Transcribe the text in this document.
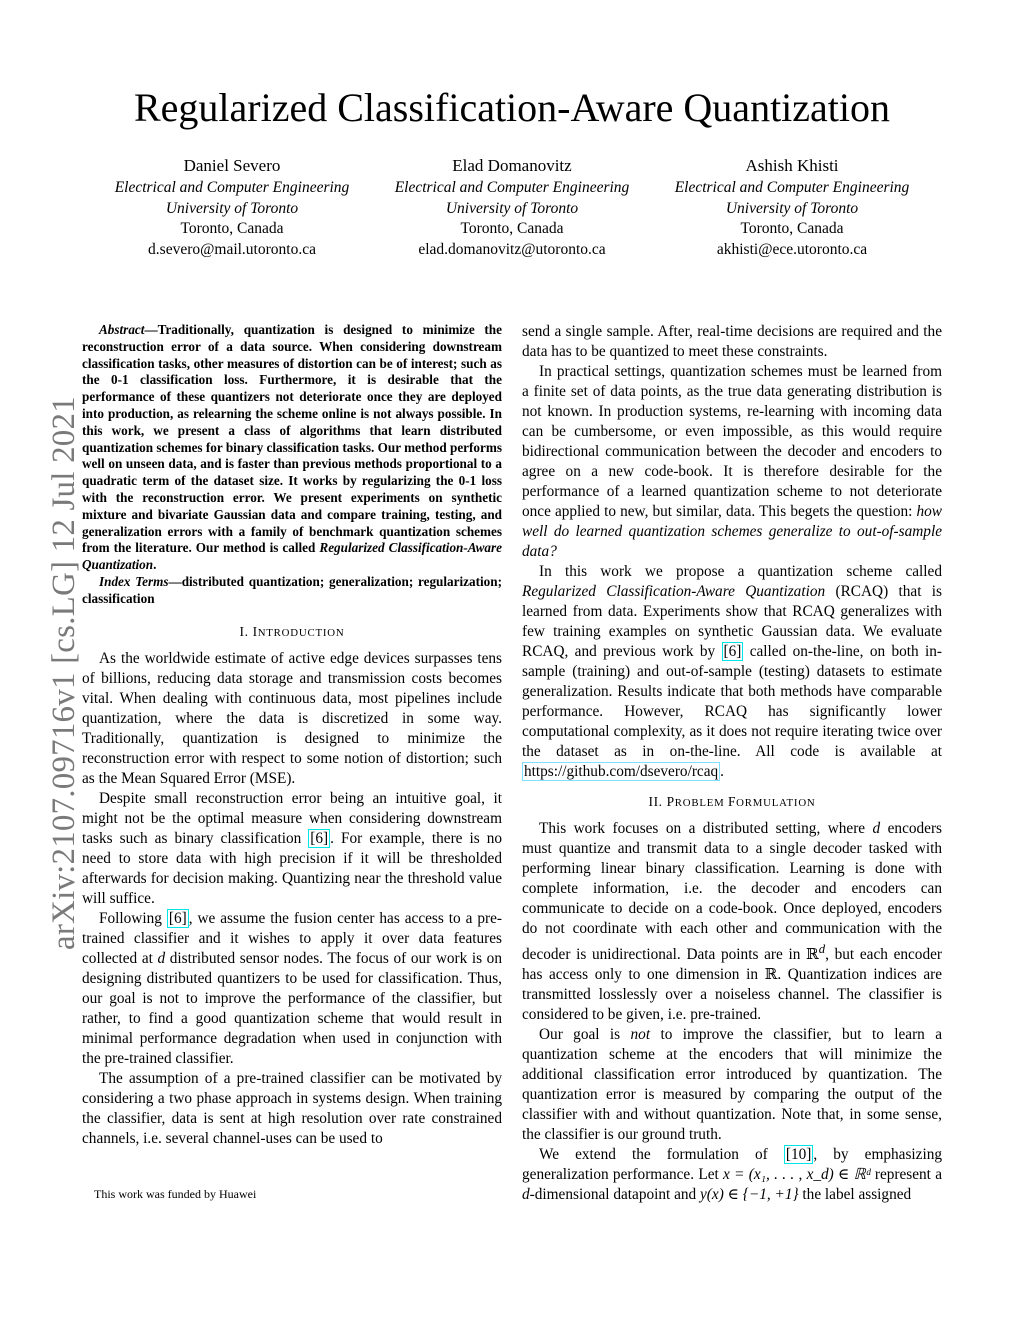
arXiv:2107.09716v1 [cs.LG] 12 Jul 2021
Regularized Classification-Aware Quantization
Daniel Severo
Electrical and Computer Engineering
University of Toronto
Toronto, Canada
d.severo@mail.utoronto.ca
Elad Domanovitz
Electrical and Computer Engineering
University of Toronto
Toronto, Canada
elad.domanovitz@utoronto.ca
Ashish Khisti
Electrical and Computer Engineering
University of Toronto
Toronto, Canada
akhisti@ece.utoronto.ca

Abstract—Traditionally, quantization is designed to minimize the reconstruction error of a data source. When considering downstream classification tasks, other measures of distortion can be of interest; such as the 0-1 classification loss. Furthermore, it is desirable that the performance of these quantizers not deteriorate once they are deployed into production, as relearning the scheme online is not always possible. In this work, we present a class of algorithms that learn distributed quantization schemes for binary classification tasks. Our method performs well on unseen data, and is faster than previous methods proportional to a quadratic term of the dataset size. It works by regularizing the 0-1 loss with the reconstruction error. We present experiments on synthetic mixture and bivariate Gaussian data and compare training, testing, and generalization errors with a family of benchmark quantization schemes from the literature. Our method is called Regularized Classification-Aware Quantization.

Index Terms—distributed quantization; generalization; regularization; classification

I. INTRODUCTION

As the worldwide estimate of active edge devices surpasses tens of billions, reducing data storage and transmission costs becomes vital. When dealing with continuous data, most pipelines include quantization, where the data is discretized in some way. Traditionally, quantization is designed to minimize the reconstruction error with respect to some notion of distortion; such as the Mean Squared Error (MSE).

Despite small reconstruction error being an intuitive goal, it might not be the optimal measure when considering downstream tasks such as binary classification [6] . For example, there is no need to store data with high precision if it will be thresholded afterwards for decision making. Quantizing near the threshold value will suffice.

Following [6] , we assume the fusion center has access to a pre-trained classifier and it wishes to apply it over data features collected at d distributed sensor nodes. The focus of our work is on designing distributed quantizers to be used for classification. Thus, our goal is not to improve the performance of the classifier, but rather, to find a good quantization scheme that would result in minimal performance degradation when used in conjunction with the pre-trained classifier.

The assumption of a pre-trained classifier can be motivated by considering a two phase approach in systems design. When training the classifier, data is sent at high resolution over rate constrained channels, i.e. several channel-uses can be used to

send a single sample. After, real-time decisions are required and the data has to be quantized to meet these constraints.

In practical settings, quantization schemes must be learned from a finite set of data points, as the true data generating distribution is not known. In production systems, re-learning with incoming data can be cumbersome, or even impossible, as this would require bidirectional communication between the decoder and encoders to agree on a new code-book. It is therefore desirable for the performance of a learned quantization scheme to not deteriorate once applied to new, but similar, data. This begets the question: how well do learned quantization schemes generalize to out-of-sample data?

In this work we propose a quantization scheme called Regularized Classification-Aware Quantization (RCAQ) that is learned from data. Experiments show that RCAQ generalizes with few training examples on synthetic Gaussian data. We evaluate RCAQ, and previous work by [6] called on-the-line, on both in-sample (training) and out-of-sample (testing) datasets to estimate generalization. Results indicate that both methods have comparable performance. However, RCAQ has significantly lower computational complexity, as it does not require iterating twice over the dataset as in on-the-line. All code is available at https://github.com/dsevero/rcaq .

II. PROBLEM FORMULATION

This work focuses on a distributed setting, where d encoders must quantize and transmit data to a single decoder tasked with performing linear binary classification. Learning is done with complete information, i.e. the decoder and encoders can communicate to decide on a code-book. Once deployed, encoders do not coordinate with each other and communication with the decoder is unidirectional. Data points are in ℝ$^d$, but each encoder has access only to one dimension in ℝ. Quantization indices are transmitted losslessly over a noiseless channel. The classifier is considered to be given, i.e. pre-trained.

Our goal is not to improve the classifier, but to learn a quantization scheme at the encoders that will minimize the additional classification error introduced by quantization. The quantization error is measured by comparing the output of the classifier with and without quantization. Note that, in some sense, the classifier is our ground truth.

We extend the formulation of [10] , by emphasizing generalization performance. Let x = (x₁, . . . , x_d) ∈ ℝᵈ represent a d-dimensional datapoint and y(x) ∈ {−1, +1} the label assigned

This work was funded by Huawei
